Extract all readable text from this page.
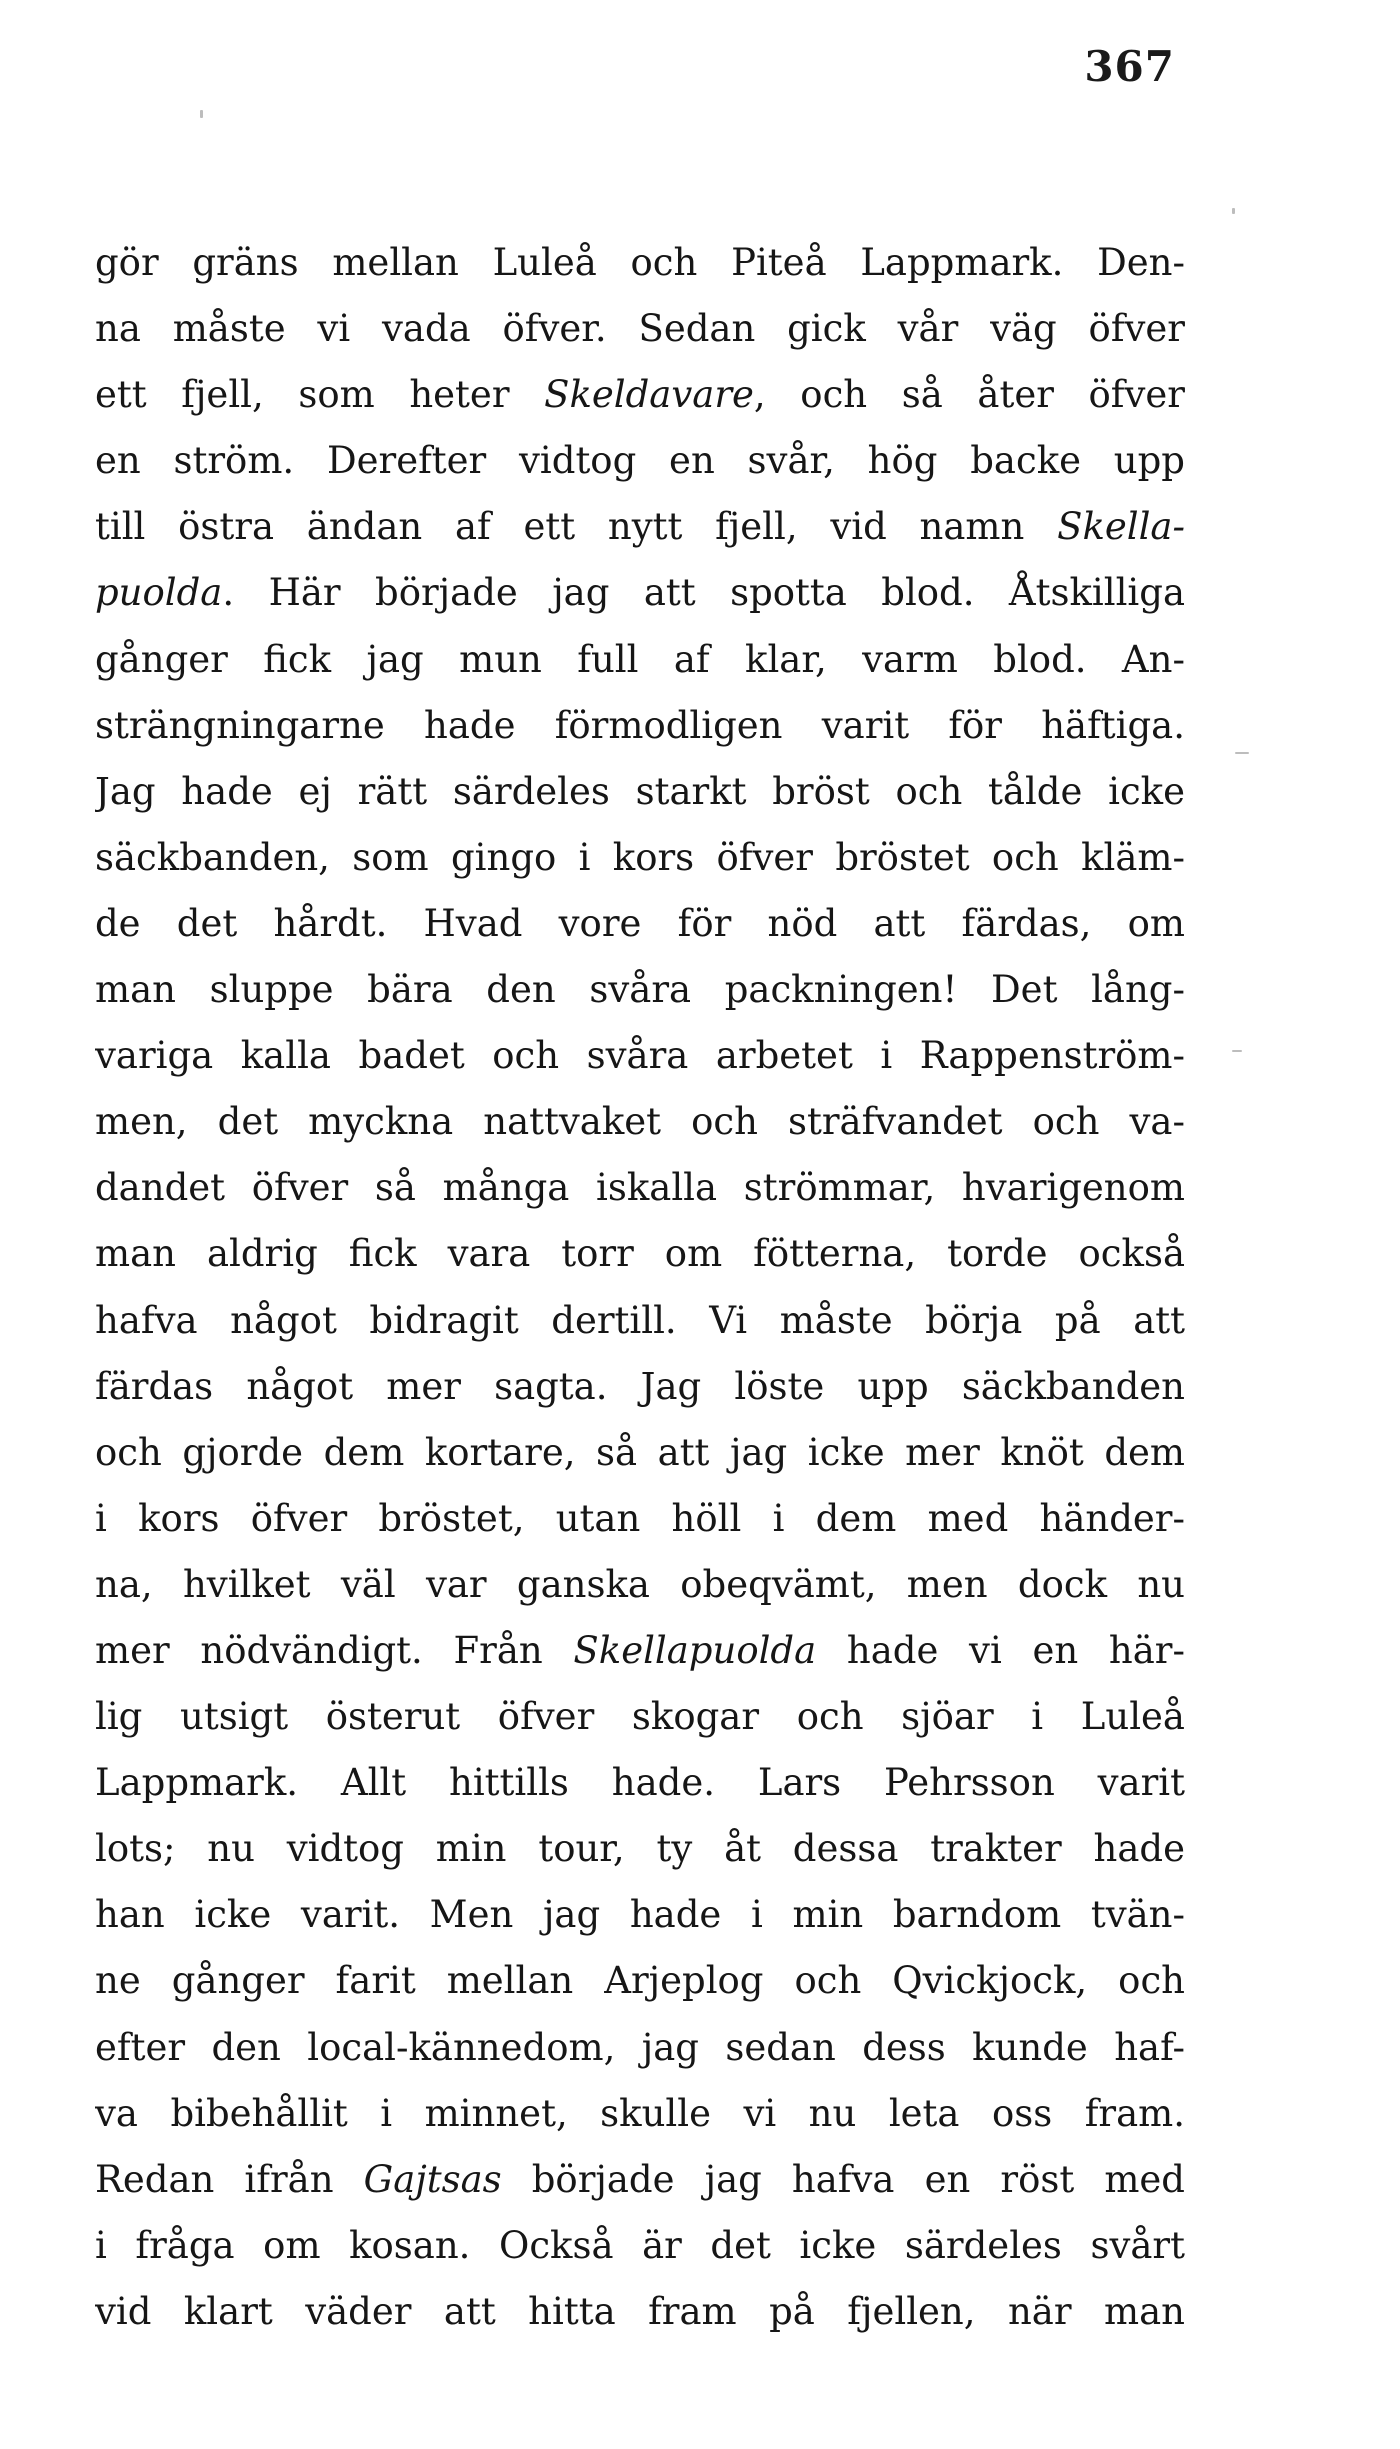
367
gör gräns mellan Luleå och Piteå Lappmark. Den-
na måste vi vada öfver. Sedan gick vår väg öfver
ett fjell, som heter Skeldavare, och så åter öfver
en ström. Derefter vidtog en svår, hög backe upp
till östra ändan af ett nytt fjell, vid namn Skella-
puolda. Här började jag att spotta blod. Åtskilliga
gånger fick jag mun full af klar, varm blod. An-
strängningarne hade förmodligen varit för häftiga.
Jag hade ej rätt särdeles starkt bröst och tålde icke
säckbanden, som gingo i kors öfver bröstet och kläm-
de det hårdt. Hvad vore för nöd att färdas, om
man sluppe bära den svåra packningen! Det lång-
variga kalla badet och svåra arbetet i Rappenström-
men, det myckna nattvaket och sträfvandet och va-
dandet öfver så många iskalla strömmar, hvarigenom
man aldrig fick vara torr om fötterna, torde också
hafva något bidragit dertill. Vi måste börja på att
färdas något mer sagta. Jag löste upp säckbanden
och gjorde dem kortare, så att jag icke mer knöt dem
i kors öfver bröstet, utan höll i dem med händer-
na, hvilket väl var ganska obeqvämt, men dock nu
mer nödvändigt. Från Skellapuolda hade vi en här-
lig utsigt österut öfver skogar och sjöar i Luleå
Lappmark. Allt hittills hade. Lars Pehrsson varit
lots; nu vidtog min tour, ty åt dessa trakter hade
han icke varit. Men jag hade i min barndom tvän-
ne gånger farit mellan Arjeplog och Qvickjock, och
efter den local-kännedom, jag sedan dess kunde haf-
va bibehållit i minnet, skulle vi nu leta oss fram.
Redan ifrån Gajtsas började jag hafva en röst med
i fråga om kosan. Också är det icke särdeles svårt
vid klart väder att hitta fram på fjellen, när man
